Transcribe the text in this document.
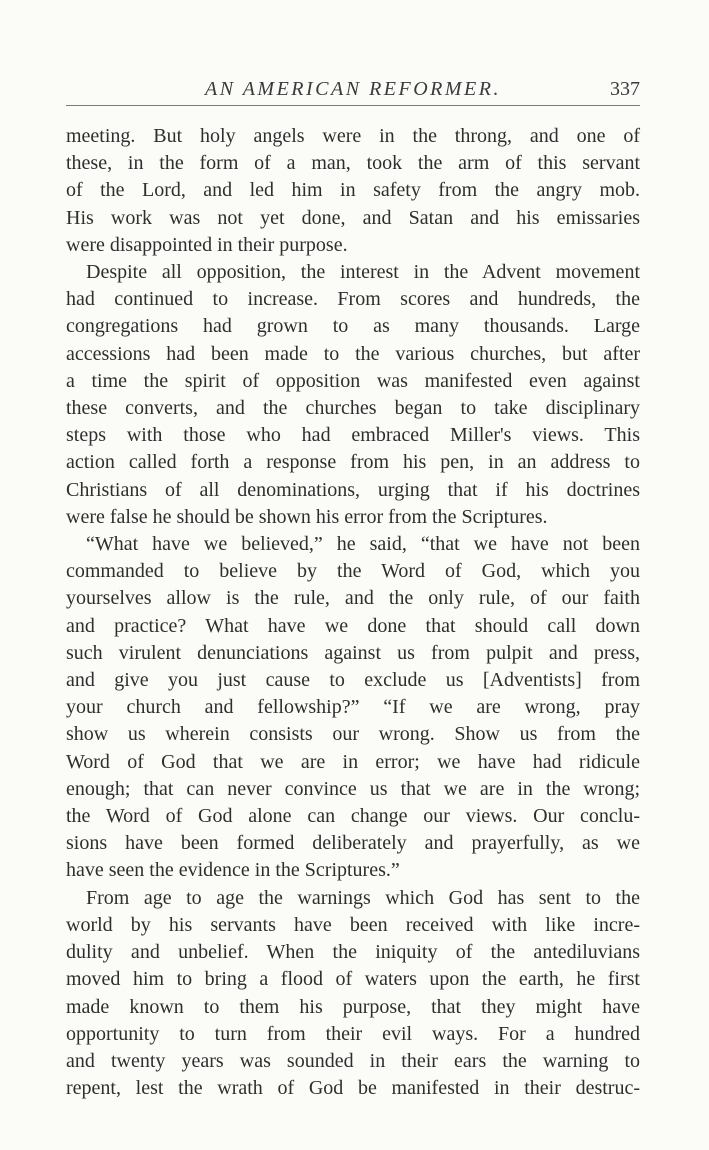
AN AMERICAN REFORMER.	337
meeting. But holy angels were in the throng, and one of
these, in the form of a man, took the arm of this servant
of the Lord, and led him in safety from the angry mob.
His work was not yet done, and Satan and his emissaries
were disappointed in their purpose.
Despite all opposition, the interest in the Advent movement
had continued to increase. From scores and hundreds, the
congregations had grown to as many thousands. Large
accessions had been made to the various churches, but after
a time the spirit of opposition was manifested even against
these converts, and the churches began to take disciplinary
steps with those who had embraced Miller's views. This
action called forth a response from his pen, in an address to
Christians of all denominations, urging that if his doctrines
were false he should be shown his error from the Scriptures.
“What have we believed,” he said, “that we have not been
commanded to believe by the Word of God, which you
yourselves allow is the rule, and the only rule, of our faith
and practice? What have we done that should call down
such virulent denunciations against us from pulpit and press,
and give you just cause to exclude us [Adventists] from
your church and fellowship?” “If we are wrong, pray
show us wherein consists our wrong. Show us from the
Word of God that we are in error; we have had ridicule
enough; that can never convince us that we are in the wrong;
the Word of God alone can change our views. Our conclu-
sions have been formed deliberately and prayerfully, as we
have seen the evidence in the Scriptures.”
From age to age the warnings which God has sent to the
world by his servants have been received with like incre-
dulity and unbelief. When the iniquity of the antediluvians
moved him to bring a flood of waters upon the earth, he first
made known to them his purpose, that they might have
opportunity to turn from their evil ways. For a hundred
and twenty years was sounded in their ears the warning to
repent, lest the wrath of God be manifested in their destruc-
